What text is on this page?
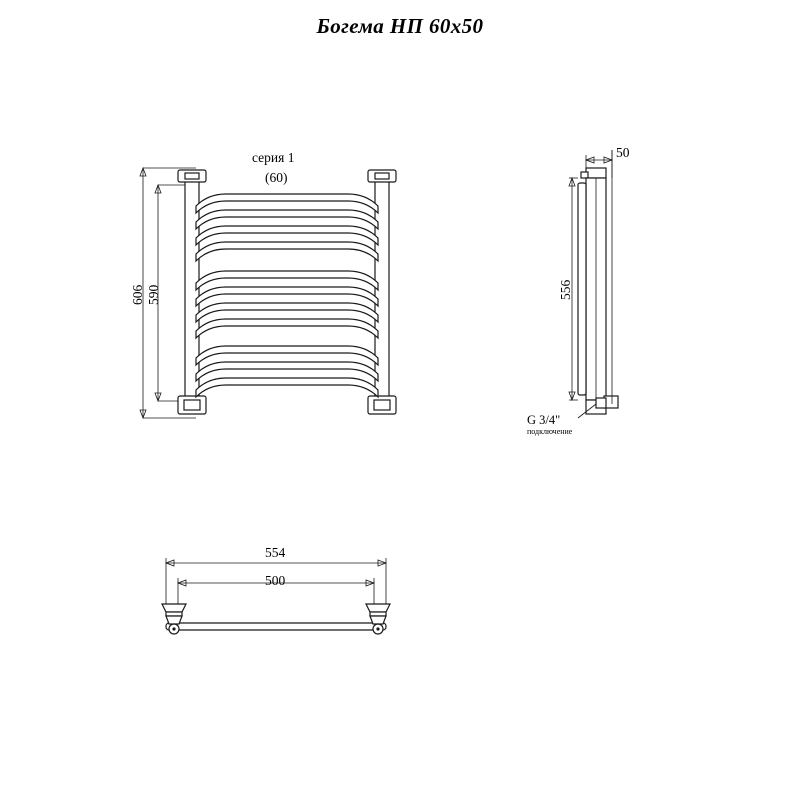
Богема НП 60х50
серия 1
(60)
606 590
50
556
G 3/4"
подключение
554
500
